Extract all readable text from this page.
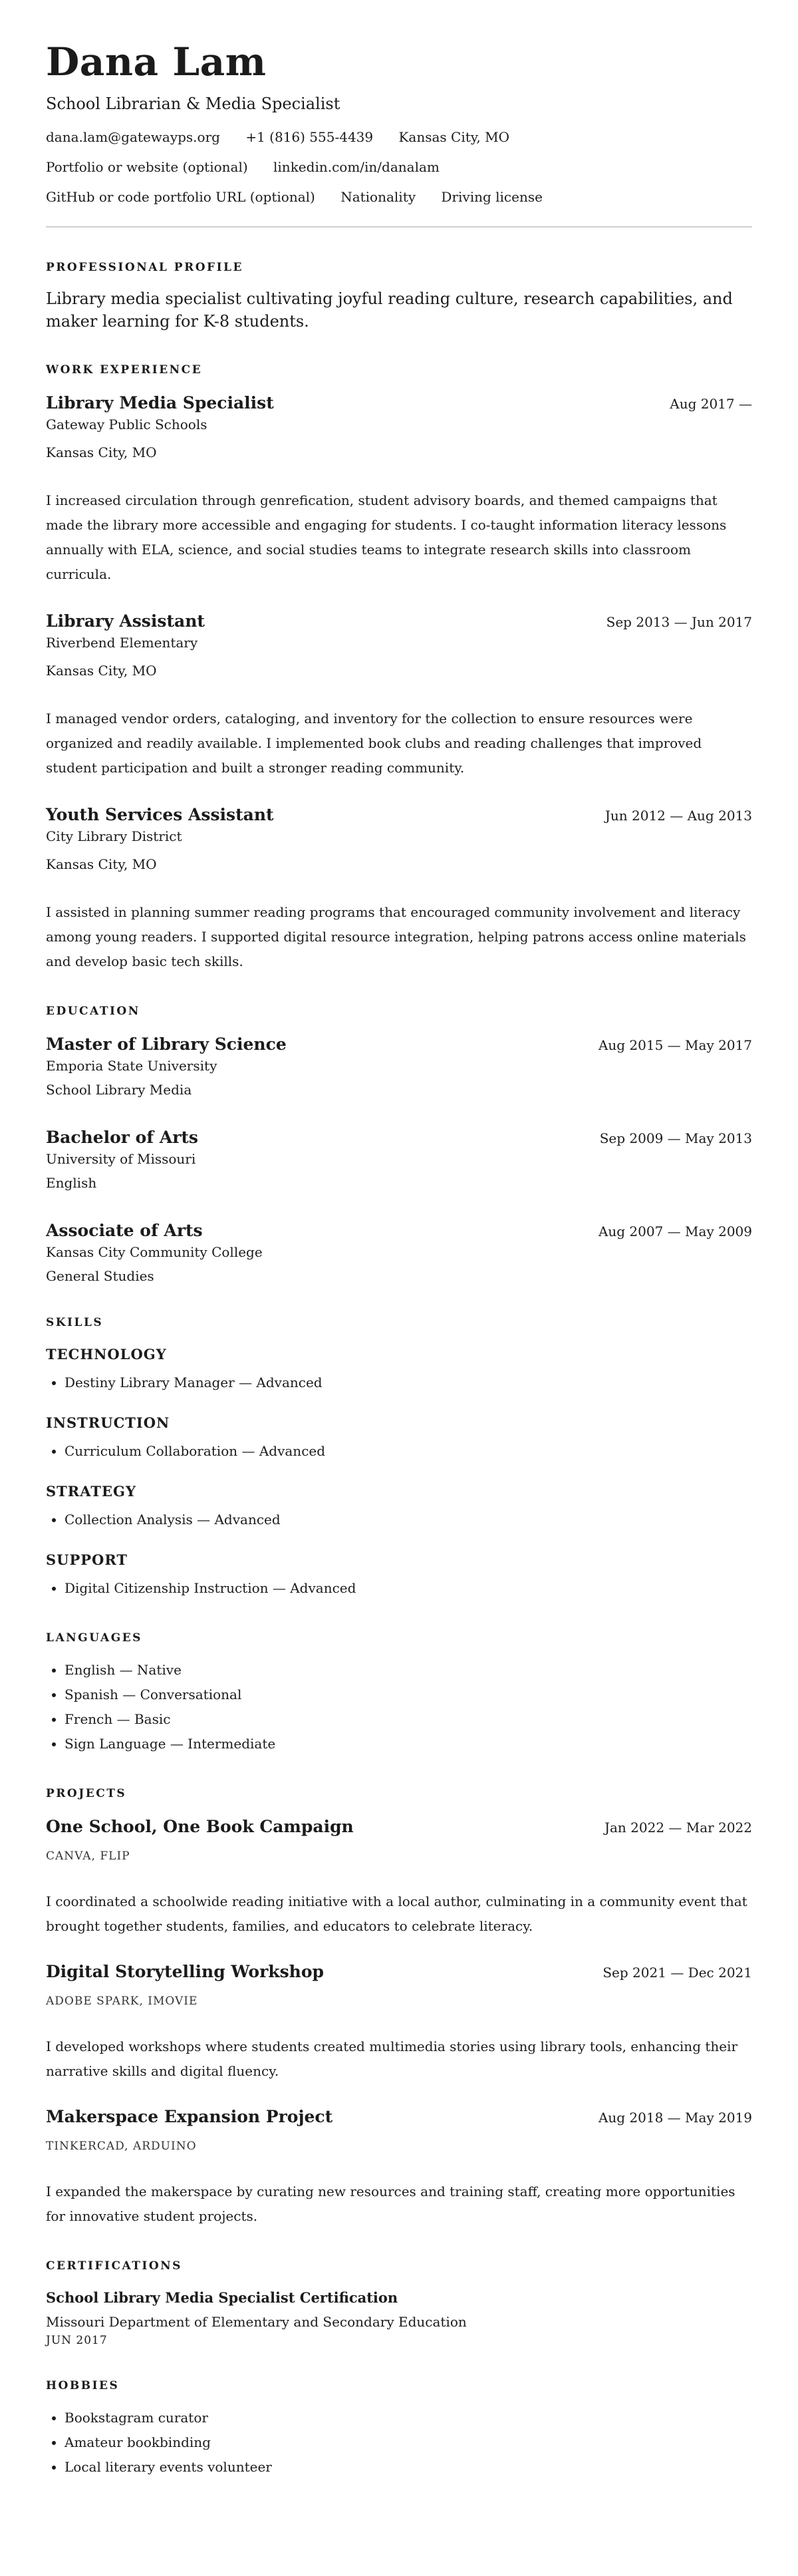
Dana Lam
School Librarian & Media Specialist
dana.lam@gatewayps.org +1 (816) 555-4439 Kansas City, MO
Portfolio or website (optional) linkedin.com/in/danalam
GitHub or code portfolio URL (optional) Nationality Driving license
PROFESSIONAL PROFILE
Library media specialist cultivating joyful reading culture, research capabilities, and maker learning for K-8 students.
WORK EXPERIENCE
Library Media Specialist	Aug 2017 —
Gateway Public Schools
Kansas City, MO
I increased circulation through genrefication, student advisory boards, and themed campaigns that made the library more accessible and engaging for students. I co-taught information literacy lessons annually with ELA, science, and social studies teams to integrate research skills into classroom curricula.
Library Assistant	Sep 2013 — Jun 2017
Riverbend Elementary
Kansas City, MO
I managed vendor orders, cataloging, and inventory for the collection to ensure resources were organized and readily available. I implemented book clubs and reading challenges that improved student participation and built a stronger reading community.
Youth Services Assistant	Jun 2012 — Aug 2013
City Library District
Kansas City, MO
I assisted in planning summer reading programs that encouraged community involvement and literacy among young readers. I supported digital resource integration, helping patrons access online materials and develop basic tech skills.
EDUCATION
Master of Library Science	Aug 2015 — May 2017
Emporia State University
School Library Media
Bachelor of Arts	Sep 2009 — May 2013
University of Missouri
English
Associate of Arts	Aug 2007 — May 2009
Kansas City Community College
General Studies
SKILLS
TECHNOLOGY
• Destiny Library Manager — Advanced
INSTRUCTION
• Curriculum Collaboration — Advanced
STRATEGY
• Collection Analysis — Advanced
SUPPORT
• Digital Citizenship Instruction — Advanced
LANGUAGES
• English — Native
• Spanish — Conversational
• French — Basic
• Sign Language — Intermediate
PROJECTS
One School, One Book Campaign	Jan 2022 — Mar 2022
CANVA, FLIP
I coordinated a schoolwide reading initiative with a local author, culminating in a community event that brought together students, families, and educators to celebrate literacy.
Digital Storytelling Workshop	Sep 2021 — Dec 2021
ADOBE SPARK, IMOVIE
I developed workshops where students created multimedia stories using library tools, enhancing their narrative skills and digital fluency.
Makerspace Expansion Project	Aug 2018 — May 2019
TINKERCAD, ARDUINO
I expanded the makerspace by curating new resources and training staff, creating more opportunities for innovative student projects.
CERTIFICATIONS
School Library Media Specialist Certification
Missouri Department of Elementary and Secondary Education
JUN 2017
HOBBIES
• Bookstagram curator
• Amateur bookbinding
• Local literary events volunteer
